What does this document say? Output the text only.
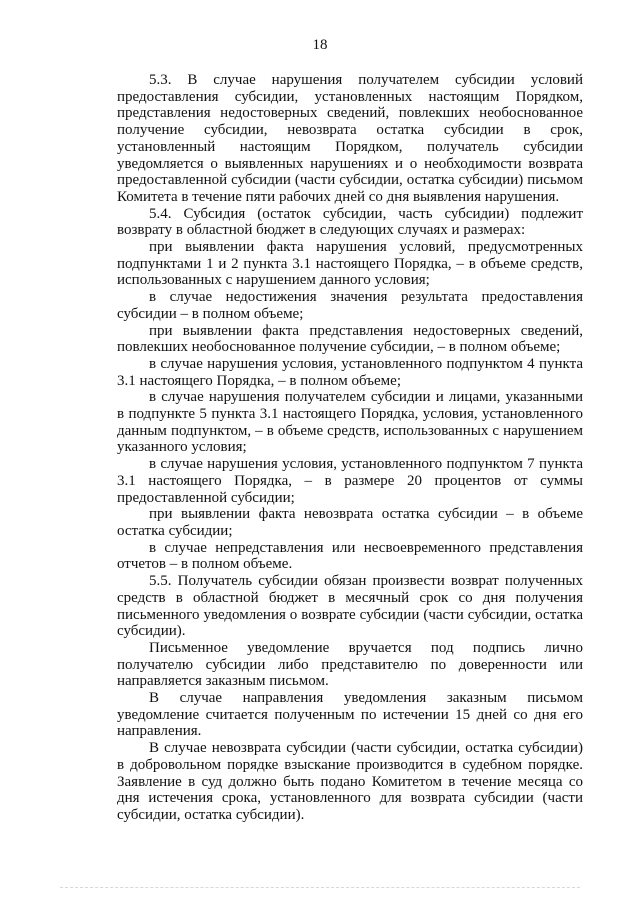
18

5.3. В случае нарушения получателем субсидии условий предоставления субсидии, установленных настоящим Порядком, представления недостоверных сведений, повлекших необоснованное получение субсидии, невозврата остатка субсидии в срок, установленный настоящим Порядком, получатель субсидии уведомляется о выявленных нарушениях и о необходимости возврата предоставленной субсидии (части субсидии, остатка субсидии) письмом Комитета в течение пяти рабочих дней со дня выявления нарушения.

5.4. Субсидия (остаток субсидии, часть субсидии) подлежит возврату в областной бюджет в следующих случаях и размерах:

при выявлении факта нарушения условий, предусмотренных подпунктами 1 и 2 пункта 3.1 настоящего Порядка, – в объеме средств, использованных с нарушением данного условия;

в случае недостижения значения результата предоставления субсидии – в полном объеме;

при выявлении факта представления недостоверных сведений, повлекших необоснованное получение субсидии, – в полном объеме;

в случае нарушения условия, установленного подпунктом 4 пункта 3.1 настоящего Порядка, – в полном объеме;

в случае нарушения получателем субсидии и лицами, указанными в подпункте 5 пункта 3.1 настоящего Порядка, условия, установленного данным подпунктом, – в объеме средств, использованных с нарушением указанного условия;

в случае нарушения условия, установленного подпунктом 7 пункта 3.1 настоящего Порядка, – в размере 20 процентов от суммы предоставленной субсидии;

при выявлении факта невозврата остатка субсидии – в объеме остатка субсидии;

в случае непредставления или несвоевременного представления отчетов – в полном объеме.

5.5. Получатель субсидии обязан произвести возврат полученных средств в областной бюджет в месячный срок со дня получения письменного уведомления о возврате субсидии (части субсидии, остатка субсидии).

Письменное уведомление вручается под подпись лично получателю субсидии либо представителю по доверенности или направляется заказным письмом.

В случае направления уведомления заказным письмом уведомление считается полученным по истечении 15 дней со дня его направления.

В случае невозврата субсидии (части субсидии, остатка субсидии) в добровольном порядке взыскание производится в судебном порядке. Заявление в суд должно быть подано Комитетом в течение месяца со дня истечения срока, установленного для возврата субсидии (части субсидии, остатка субсидии).
